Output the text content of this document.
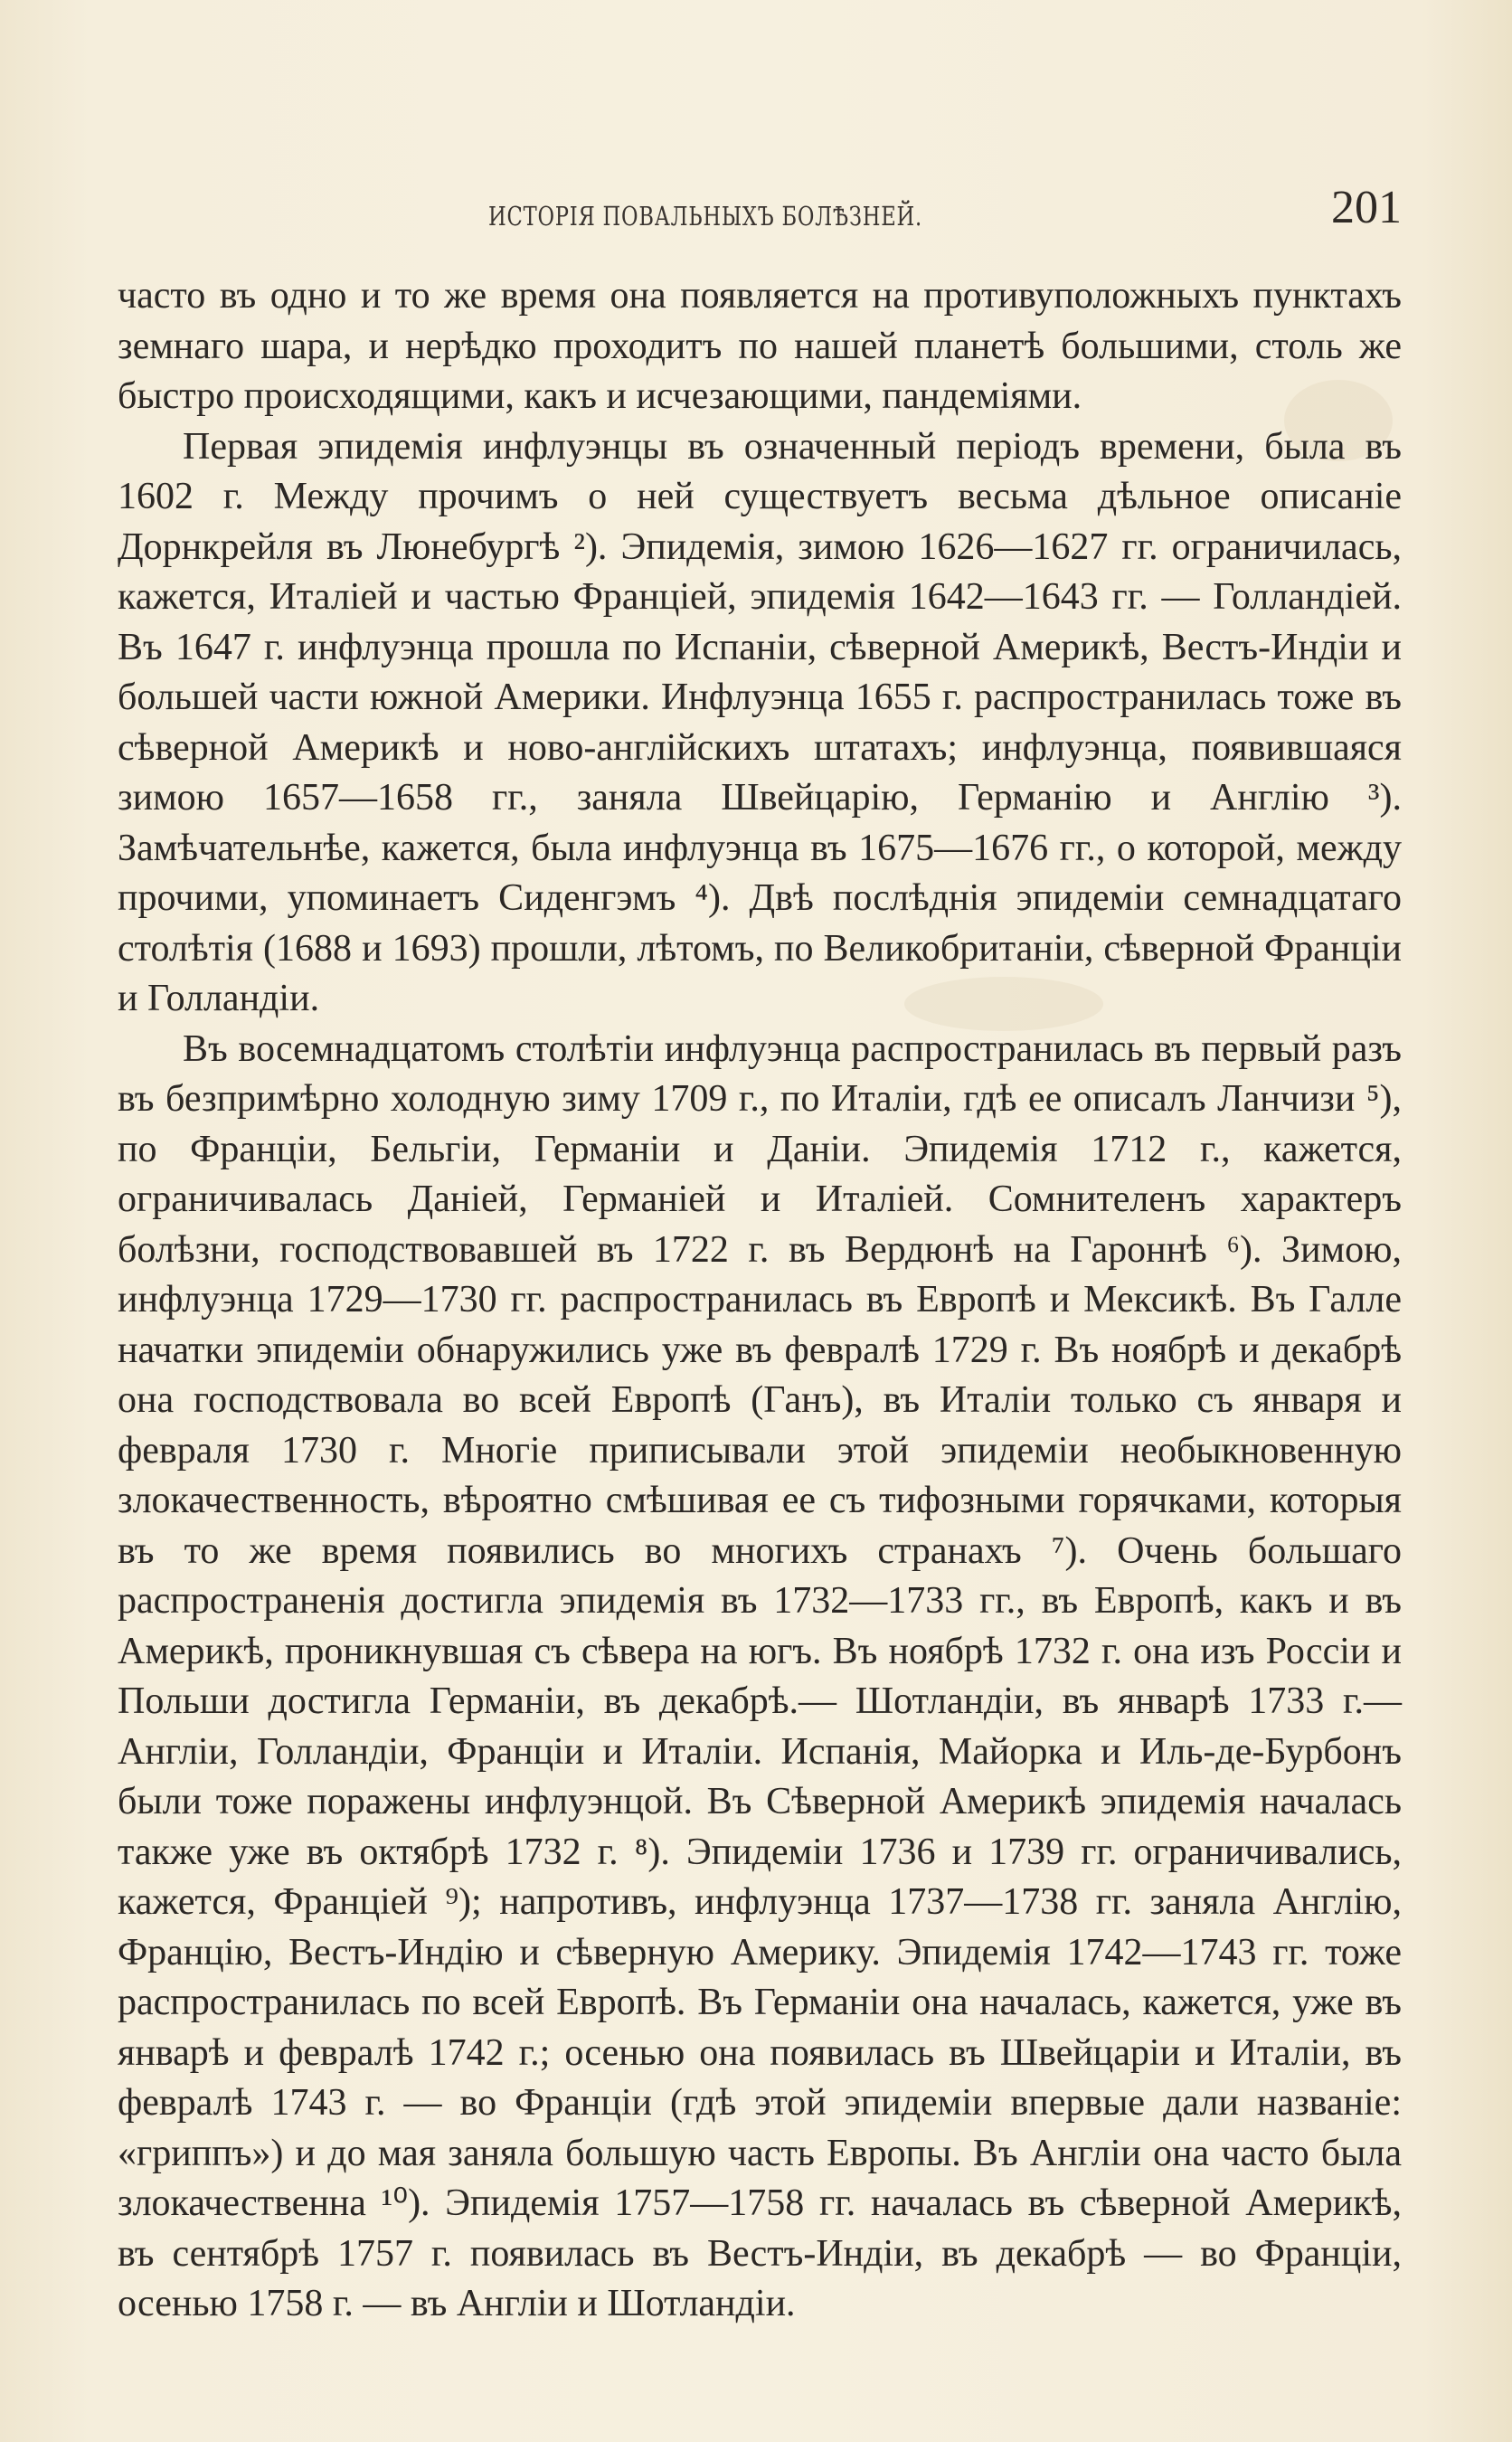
ИСТОРІЯ ПОВАЛЬНЫХЪ БОЛѢЗНЕЙ.	201

часто въ одно и то же время она появляется на противуположныхъ пунктахъ земнаго шара, и нерѣдко проходитъ по нашей планетѣ большими, столь же быстро происходящими, какъ и исчезающими, пандеміями.

Первая эпидемія инфлуэнцы въ означенный періодъ времени, была въ 1602 г. Между прочимъ о ней существуетъ весьма дѣльное описаніе Дорнкрейля въ Люнебургѣ ²). Эпидемія, зимою 1626—1627 гг. ограничилась, кажется, Италіей и частью Франціей, эпидемія 1642—1643 гг. — Голландіей. Въ 1647 г. инфлуэнца прошла по Испаніи, сѣверной Америкѣ, Вестъ-Индіи и большей части южной Америки. Инфлуэнца 1655 г. распространилась тоже въ сѣверной Америкѣ и ново-англійскихъ штатахъ; инфлуэнца, появившаяся зимою 1657—1658 гг., заняла Швейцарію, Германію и Англію ³). Замѣчательнѣе, кажется, была инфлуэнца въ 1675—1676 гг., о которой, между прочими, упоминаетъ Сиденгэмъ ⁴). Двѣ послѣднія эпидеміи семнадцатаго столѣтія (1688 и 1693) прошли, лѣтомъ, по Великобританіи, сѣверной Франціи и Голландіи.

Въ восемнадцатомъ столѣтіи инфлуэнца распространилась въ первый разъ въ безпримѣрно холодную зиму 1709 г., по Италіи, гдѣ ее описалъ Ланчизи ⁵), по Франціи, Бельгіи, Германіи и Даніи. Эпидемія 1712 г., кажется, ограничивалась Даніей, Германіей и Италіей. Сомнителенъ характеръ болѣзни, господствовавшей въ 1722 г. въ Вердюнѣ на Гароннѣ ⁶). Зимою, инфлуэнца 1729—1730 гг. распространилась въ Европѣ и Мексикѣ. Въ Галле начатки эпидеміи обнаружились уже въ февралѣ 1729 г. Въ ноябрѣ и декабрѣ она господствовала во всей Европѣ (Ганъ), въ Италіи только съ января и февраля 1730 г. Многіе приписывали этой эпидеміи необыкновенную злокачественность, вѣроятно смѣшивая ее съ тифозными горячками, которыя въ то же время появились во многихъ странахъ ⁷). Очень большаго распространенія достигла эпидемія въ 1732—1733 гг., въ Европѣ, какъ и въ Америкѣ, проникнувшая съ сѣвера на югъ. Въ ноябрѣ 1732 г. она изъ Россіи и Польши достигла Германіи, въ декабрѣ.— Шотландіи, въ январѣ 1733 г.—Англіи, Голландіи, Франціи и Италіи. Испанія, Майорка и Иль-де-Бурбонъ были тоже поражены инфлуэнцой. Въ Сѣверной Америкѣ эпидемія началась также уже въ октябрѣ 1732 г. ⁸). Эпидеміи 1736 и 1739 гг. ограничивались, кажется, Франціей ⁹); напротивъ, инфлуэнца 1737—1738 гг. заняла Англію, Францію, Вестъ-Индію и сѣверную Америку. Эпидемія 1742—1743 гг. тоже распространилась по всей Европѣ. Въ Германіи она началась, кажется, уже въ январѣ и февралѣ 1742 г.; осенью она появилась въ Швейцаріи и Италіи, въ февралѣ 1743 г. — во Франціи (гдѣ этой эпидеміи впервые дали названіе: «гриппъ») и до мая заняла большую часть Европы. Въ Англіи она часто была злокачественна ¹⁰). Эпидемія 1757—1758 гг. началась въ сѣверной Америкѣ, въ сентябрѣ 1757 г. появилась въ Вестъ-Индіи, въ декабрѣ — во Франціи, осенью 1758 г. — въ Англіи и Шотландіи.
